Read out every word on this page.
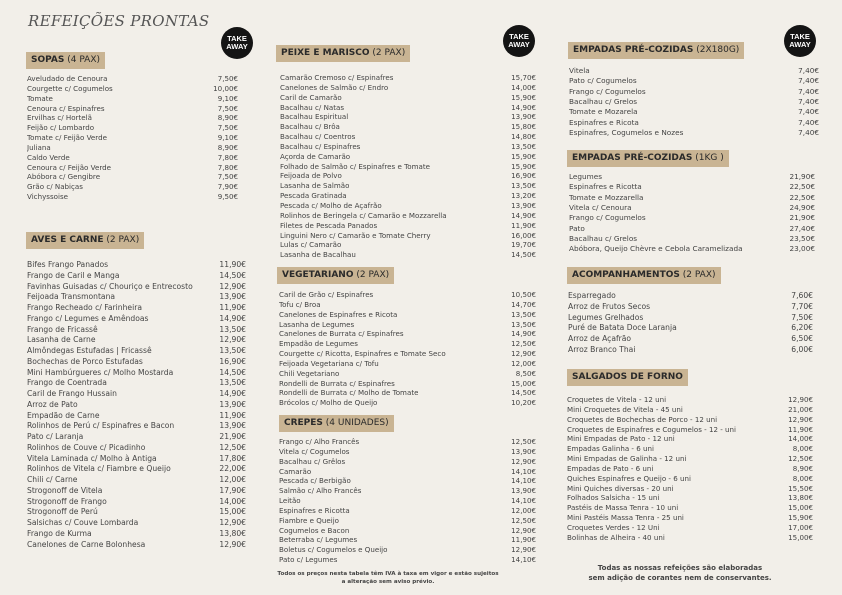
REFEIÇÕES PRONTAS
TAKE
AWAY
TAKE
AWAY
TAKE
AWAY
SOPAS (4 PAX)
Aveludado de Cenoura	7,50€
Courgette c/ Cogumelos	10,00€
Tomate	9,10€
Cenoura c/ Espinafres	7,50€
Ervilhas c/ Hortelã	8,90€
Feijão c/ Lombardo	7,50€
Tomate c/ Feijão Verde	9,10€
Juliana	8,90€
Caldo Verde	7,80€
Cenoura c/ Feijão Verde	7,80€
Abóbora c/ Gengibre	7,50€
Grão c/ Nabiças	7,90€
Vichyssoise	9,50€
AVES E CARNE (2 PAX)
Bifes Frango Panados	11,90€
Frango de Caril e Manga	14,50€
Favinhas Guisadas c/ Chouriço e Entrecosto	12,90€
Feijoada Transmontana	13,90€
Frango Recheado c/ Farinheira	11,90€
Frango c/ Legumes e Amêndoas	14,90€
Frango de Fricassê	13,50€
Lasanha de Carne	12,90€
Almôndegas Estufadas | Fricassê	13,50€
Bochechas de Porco Estufadas	16,90€
Mini Hambúrgueres c/ Molho Mostarda	14,50€
Frango de Coentrada	13,50€
Caril de Frango Hussain	14,90€
Arroz de Pato	13,90€
Empadão de Carne	11,90€
Rolinhos de Perú c/ Espinafres e Bacon	13,90€
Pato c/ Laranja	21,90€
Rolinhos de Couve c/ Picadinho	12,50€
Vitela Laminada c/ Molho à Antiga	17,80€
Rolinhos de Vitela c/ Fiambre e Queijo	22,00€
Chili c/ Carne	12,00€
Strogonoff de Vitela	17,90€
Strogonoff de Frango	14,00€
Strogonoff de Perú	15,00€
Salsichas c/ Couve Lombarda	12,90€
Frango de Kurma	13,80€
Canelones de Carne Bolonhesa	12,90€
PEIXE E MARISCO (2 PAX)
Camarão Cremoso c/ Espinafres	15,70€
Canelones de Salmão c/ Endro	14,00€
Caril de Camarão	15,90€
Bacalhau c/ Natas	14,90€
Bacalhau Espiritual	13,90€
Bacalhau c/ Brôa	15,80€
Bacalhau c/ Coentros	14,80€
Bacalhau c/ Espinafres	13,50€
Açorda de Camarão	15,90€
Folhado de Salmão c/ Espinafres e Tomate	15,90€
Feijoada de Polvo	16,90€
Lasanha de Salmão	13,50€
Pescada Gratinada	13,20€
Pescada c/ Molho de Açafrão	13,90€
Rolinhos de Beringela c/ Camarão e Mozzarella	14,90€
Filetes de Pescada Panados	11,90€
Linguini Nero c/ Camarão e Tomate Cherry	16,00€
Lulas c/ Camarão	19,70€
Lasanha de Bacalhau	14,50€
VEGETARIANO (2 PAX)
Caril de Grão c/ Espinafres	10,50€
Tofu c/ Broa	14,70€
Canelones de Espinafres e Ricota	13,50€
Lasanha de Legumes	13,50€
Canelones de Burrata c/ Espinafres	14,90€
Empadão de Legumes	12,50€
Courgette c/ Ricotta, Espinafres e Tomate Seco	12,90€
Feijoada Vegetariana c/ Tofu	12,00€
Chili Vegetariano	8,50€
Rondelli de Burrata c/ Espinafres	15,00€
Rondelli de Burrata c/ Molho de Tomate	14,50€
Brócolos c/ Molho de Queijo	10,20€
CREPES (4 UNIDADES)
Frango c/ Alho Francês	12,50€
Vitela c/ Cogumelos	13,90€
Bacalhau c/ Grêlos	12,90€
Camarão	14,10€
Pescada c/ Berbigão	14,10€
Salmão c/ Alho Francês	13,90€
Leitão	14,10€
Espinafres e Ricotta	12,00€
Fiambre e Queijo	12,50€
Cogumelos e Bacon	12,90€
Beterraba c/ Legumes	11,90€
Boletus c/ Cogumelos e Queijo	12,90€
Pato c/ Legumes	14,10€
Todos os preços nesta tabela têm IVA à taxa em vigor e estão sujeitos
a alteração sem aviso prévio.
EMPADAS PRÉ-COZIDAS (2X180G)
Vitela	7,40€
Pato c/ Cogumelos	7,40€
Frango c/ Cogumelos	7,40€
Bacalhau c/ Grelos	7,40€
Tomate e Mozarela	7,40€
Espinafres e Ricota	7,40€
Espinafres, Cogumelos e Nozes	7,40€
EMPADAS PRÉ-COZIDAS (1KG )
Legumes	21,90€
Espinafres e Ricotta	22,50€
Tomate e Mozzarella	22,50€
Vitela c/ Cenoura	24,90€
Frango c/ Cogumelos	21,90€
Pato	27,40€
Bacalhau c/ Grelos	23,50€
Abóbora, Queijo Chèvre e Cebola Caramelizada	23,00€
ACOMPANHAMENTOS (2 PAX)
Esparregado	7,60€
Arroz de Frutos Secos	7,70€
Legumes Grelhados	7,50€
Puré de Batata Doce Laranja	6,20€
Arroz de Açafrão	6,50€
Arroz Branco Thai	6,00€
SALGADOS DE FORNO
Croquetes de Vitela - 12 uni	12,90€
Mini Croquetes de Vitela - 45 uni	21,00€
Croquetes de Bochechas de Porco - 12 uni	12,90€
Croquetes de Espinafres e Cogumelos - 12 - uni	11,90€
Mini Empadas de Pato - 12 uni	14,00€
Empadas Galinha - 6 uni	8,00€
Mini Empadas de Galinha - 12 uni	12,50€
Empadas de Pato - 6 uni	8,90€
Quiches Espinafres e Queijo - 6 uni	8,00€
Mini Quiches diversas - 20 uni	15,50€
Folhados Salsicha - 15 uni	13,80€
Pastéis de Massa Tenra - 10 uni	15,00€
Mini Pastéis Massa Tenra - 25 uni	15,90€
Croquetes Verdes - 12 Uni	17,00€
Bolinhas de Alheira - 40 uni	15,00€
Todas as nossas refeições são elaboradas
sem adição de corantes nem de conservantes.
